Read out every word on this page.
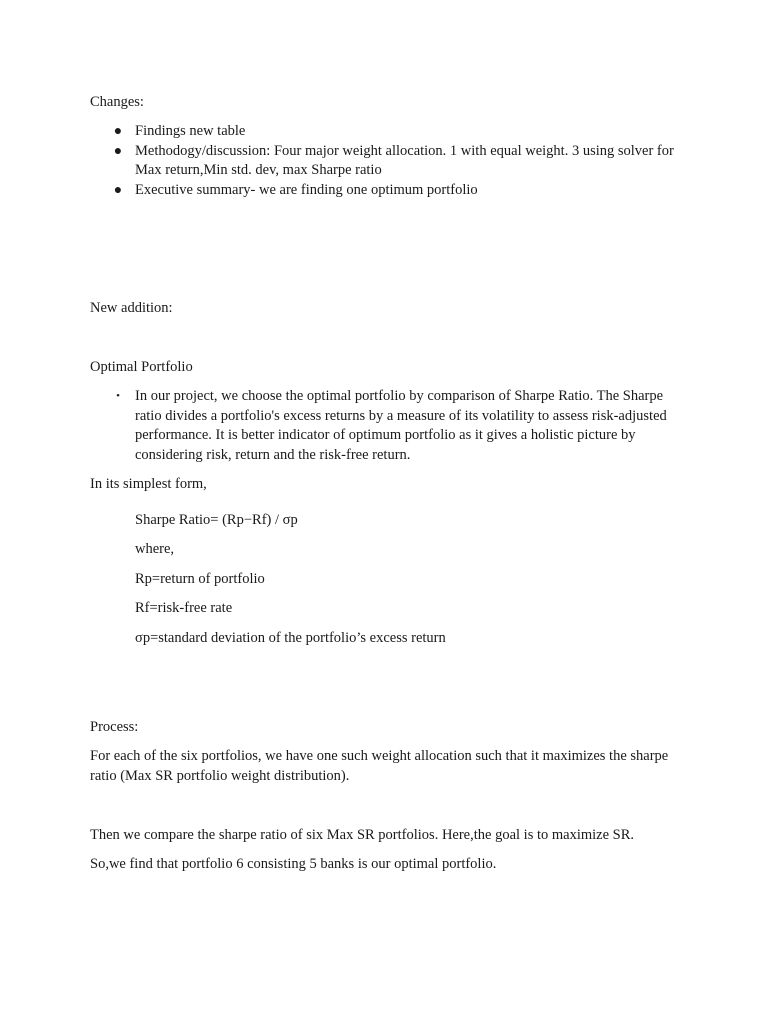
Changes:

● Findings new table
● Methodogy/discussion: Four major weight allocation. 1 with equal weight. 3 using solver for Max return,Min std. dev, max Sharpe ratio
● Executive summary- we are finding one optimum portfolio

New addition:

Optimal Portfolio

• In our project, we choose the optimal portfolio by comparison of Sharpe Ratio. The Sharpe ratio divides a portfolio's excess returns by a measure of its volatility to assess risk-adjusted performance. It is better indicator of optimum portfolio as it gives a holistic picture by considering risk, return and the risk-free return.

In its simplest form,

Sharpe Ratio= (Rp−Rf) / σp

where,

Rp=return of portfolio

Rf=risk-free rate

σp=standard deviation of the portfolio’s excess return

Process:

For each of the six portfolios, we have one such weight allocation such that it maximizes the sharpe ratio (Max SR portfolio weight distribution).

Then we compare the sharpe ratio of six Max SR portfolios. Here,the goal is to maximize SR.

So,we find that portfolio 6 consisting 5 banks is our optimal portfolio.
